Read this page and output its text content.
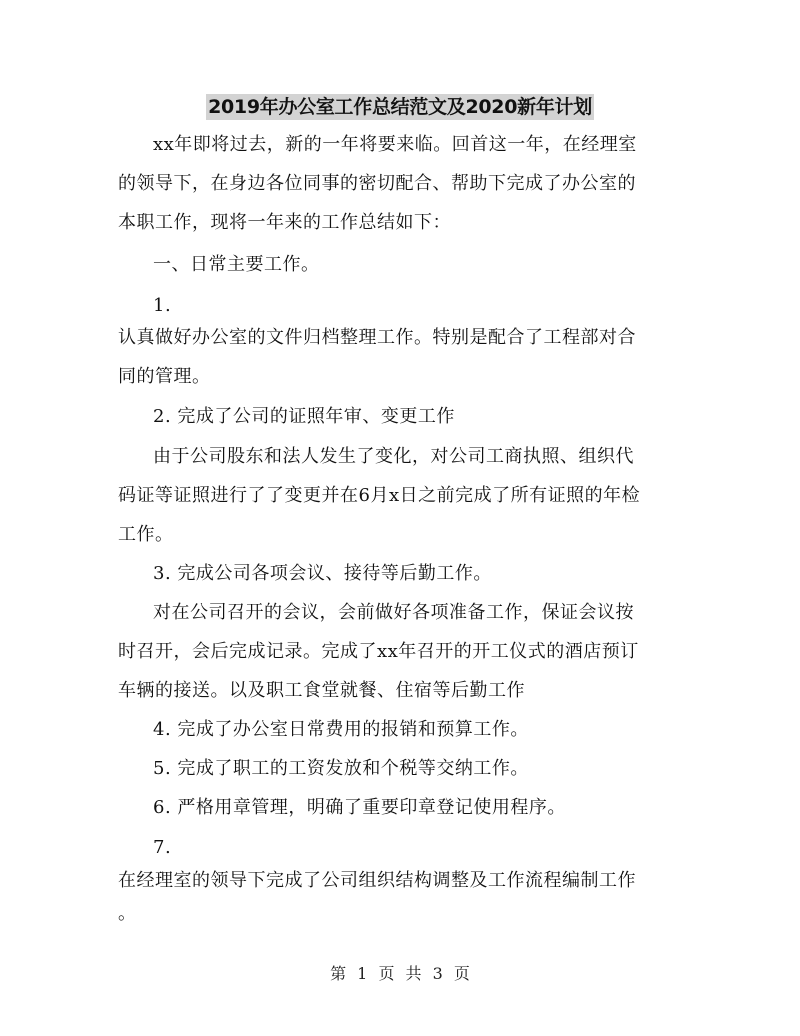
2019年办公室工作总结范文及2020新年计划
xx年即将过去，新的一年将要来临。回首这一年，在经理室
的领导下，在身边各位同事的密切配合、帮助下完成了办公室的
本职工作，现将一年来的工作总结如下：
一、日常主要工作。
1.
认真做好办公室的文件归档整理工作。特别是配合了工程部对合
同的管理。
2. 完成了公司的证照年审、变更工作
由于公司股东和法人发生了变化，对公司工商执照、组织代
码证等证照进行了了变更并在6月x日之前完成了所有证照的年检
工作。
3. 完成公司各项会议、接待等后勤工作。
对在公司召开的会议，会前做好各项准备工作，保证会议按
时召开，会后完成记录。完成了xx年召开的开工仪式的酒店预订
车辆的接送。以及职工食堂就餐、住宿等后勤工作
4. 完成了办公室日常费用的报销和预算工作。
5. 完成了职工的工资发放和个税等交纳工作。
6. 严格用章管理，明确了重要印章登记使用程序。
7.
在经理室的领导下完成了公司组织结构调整及工作流程编制工作
。
第 1 页 共 3 页
